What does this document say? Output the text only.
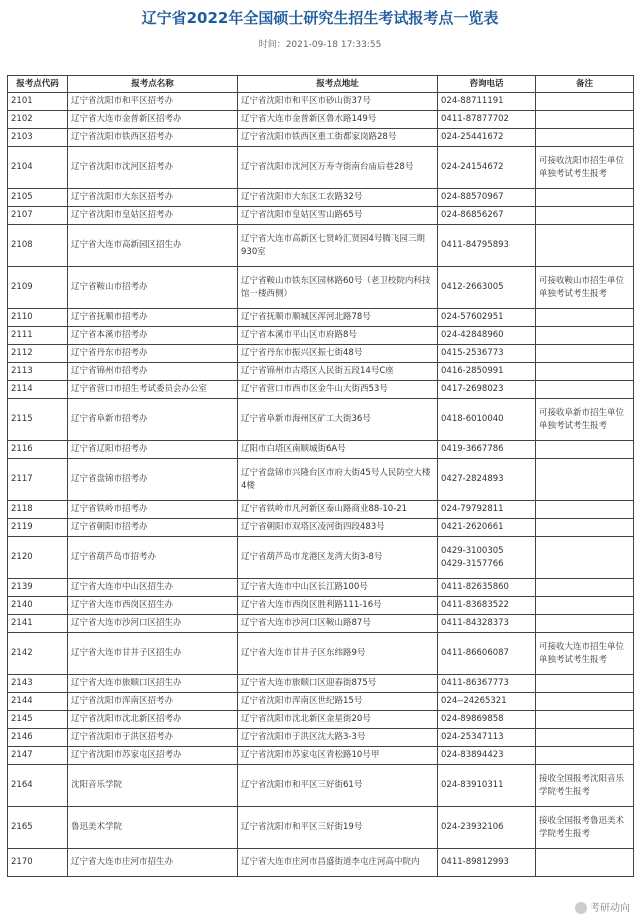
辽宁省2022年全国硕士研究生招生考试报考点一览表
时间：2021-09-18 17:33:55
报考点代码	报考点名称	报考点地址	咨询电话	备注
2101	辽宁省沈阳市和平区招考办	辽宁省沈阳市和平区市砂山街37号	024-88711191	
2102	辽宁省大连市金普新区招考办	辽宁省大连市金普新区鲁水路149号	0411-87877702	
2103	辽宁省沈阳市铁西区招考办	辽宁省沈阳市铁西区重工街都家岗路28号	024-25441672	
2104	辽宁省沈阳市沈河区招考办	辽宁省沈阳市沈河区万寿寺街南台庙后巷28号	024-24154672	可接收沈阳市招生单位单独考试考生报考
2105	辽宁省沈阳市大东区招考办	辽宁省沈阳市大东区工农路32号	024-88570967	
2107	辽宁省沈阳市皇姑区招考办	辽宁省沈阳市皇姑区雪山路65号	024-86856267	
2108	辽宁省大连市高新园区招生办	辽宁省大连市高新区七贤岭汇贤园4号腾飞园三期930室	0411-84795893	
2109	辽宁省鞍山市招考办	辽宁省鞍山市铁东区园林路60号（老卫校院内科技馆一楼西侧）	0412-2663005	可接收鞍山市招生单位单独考试考生报考
2110	辽宁省抚顺市招考办	辽宁省抚顺市顺城区浑河北路78号	024-57602951	
2111	辽宁省本溪市招考办	辽宁省本溪市平山区市府路8号	024-42848960	
2112	辽宁省丹东市招考办	辽宁省丹东市振兴区振七街48号	0415-2536773	
2113	辽宁省锦州市招考办	辽宁省锦州市古塔区人民街五段14号C座	0416-2850991	
2114	辽宁省营口市招生考试委员会办公室	辽宁省营口市西市区金牛山大街西53号	0417-2698023	
2115	辽宁省阜新市招考办	辽宁省阜新市海州区矿工大街36号	0418-6010040	可接收阜新市招生单位单独考试考生报考
2116	辽宁省辽阳市招考办	辽阳市白塔区南顺城街6A号	0419-3667786	
2117	辽宁省盘锦市招考办	辽宁省盘锦市兴隆台区市府大街45号人民防空大楼4楼	0427-2824893	
2118	辽宁省铁岭市招考办	辽宁省铁岭市凡河新区泰山路商业88-10-21	024-79792811	
2119	辽宁省朝阳市招考办	辽宁省朝阳市双塔区凌河街四段483号	0421-2620661	
2120	辽宁省葫芦岛市招考办	辽宁省葫芦岛市龙港区龙湾大街3-8号	0429-3100305
0429-3157766	
2139	辽宁省大连市中山区招生办	辽宁省大连市中山区长江路100号	0411-82635860	
2140	辽宁省大连市西岗区招生办	辽宁省大连市西岗区胜利路111-16号	0411-83683522	
2141	辽宁省大连市沙河口区招生办	辽宁省大连市沙河口区鞍山路87号	0411-84328373	
2142	辽宁省大连市甘井子区招生办	辽宁省大连市甘井子区东纬路9号	0411-86606087	可接收大连市招生单位单独考试考生报考
2143	辽宁省大连市旅顺口区招生办	辽宁省大连市旅顺口区迎春街875号	0411-86367773	
2144	辽宁省沈阳市浑南区招考办	辽宁省沈阳市浑南区世纪路15号	024--24265321	
2145	辽宁省沈阳市沈北新区招考办	辽宁省沈阳市沈北新区金星街20号	024-89869858	
2146	辽宁省沈阳市于洪区招考办	辽宁省沈阳市于洪区沈大路3-3号	024-25347113	
2147	辽宁省沈阳市苏家屯区招考办	辽宁省沈阳市苏家屯区青松路10号甲	024-83894423	
2164	沈阳音乐学院	辽宁省沈阳市和平区三好街61号	024-83910311	接收全国报考沈阳音乐学院考生报考
2165	鲁迅美术学院	辽宁省沈阳市和平区三好街19号	024-23932106	接收全国报考鲁迅美术学院考生报考
2170	辽宁省大连市庄河市招生办	辽宁省大连市庄河市昌盛街道李屯庄河高中院内	0411-89812993	
考研动向
